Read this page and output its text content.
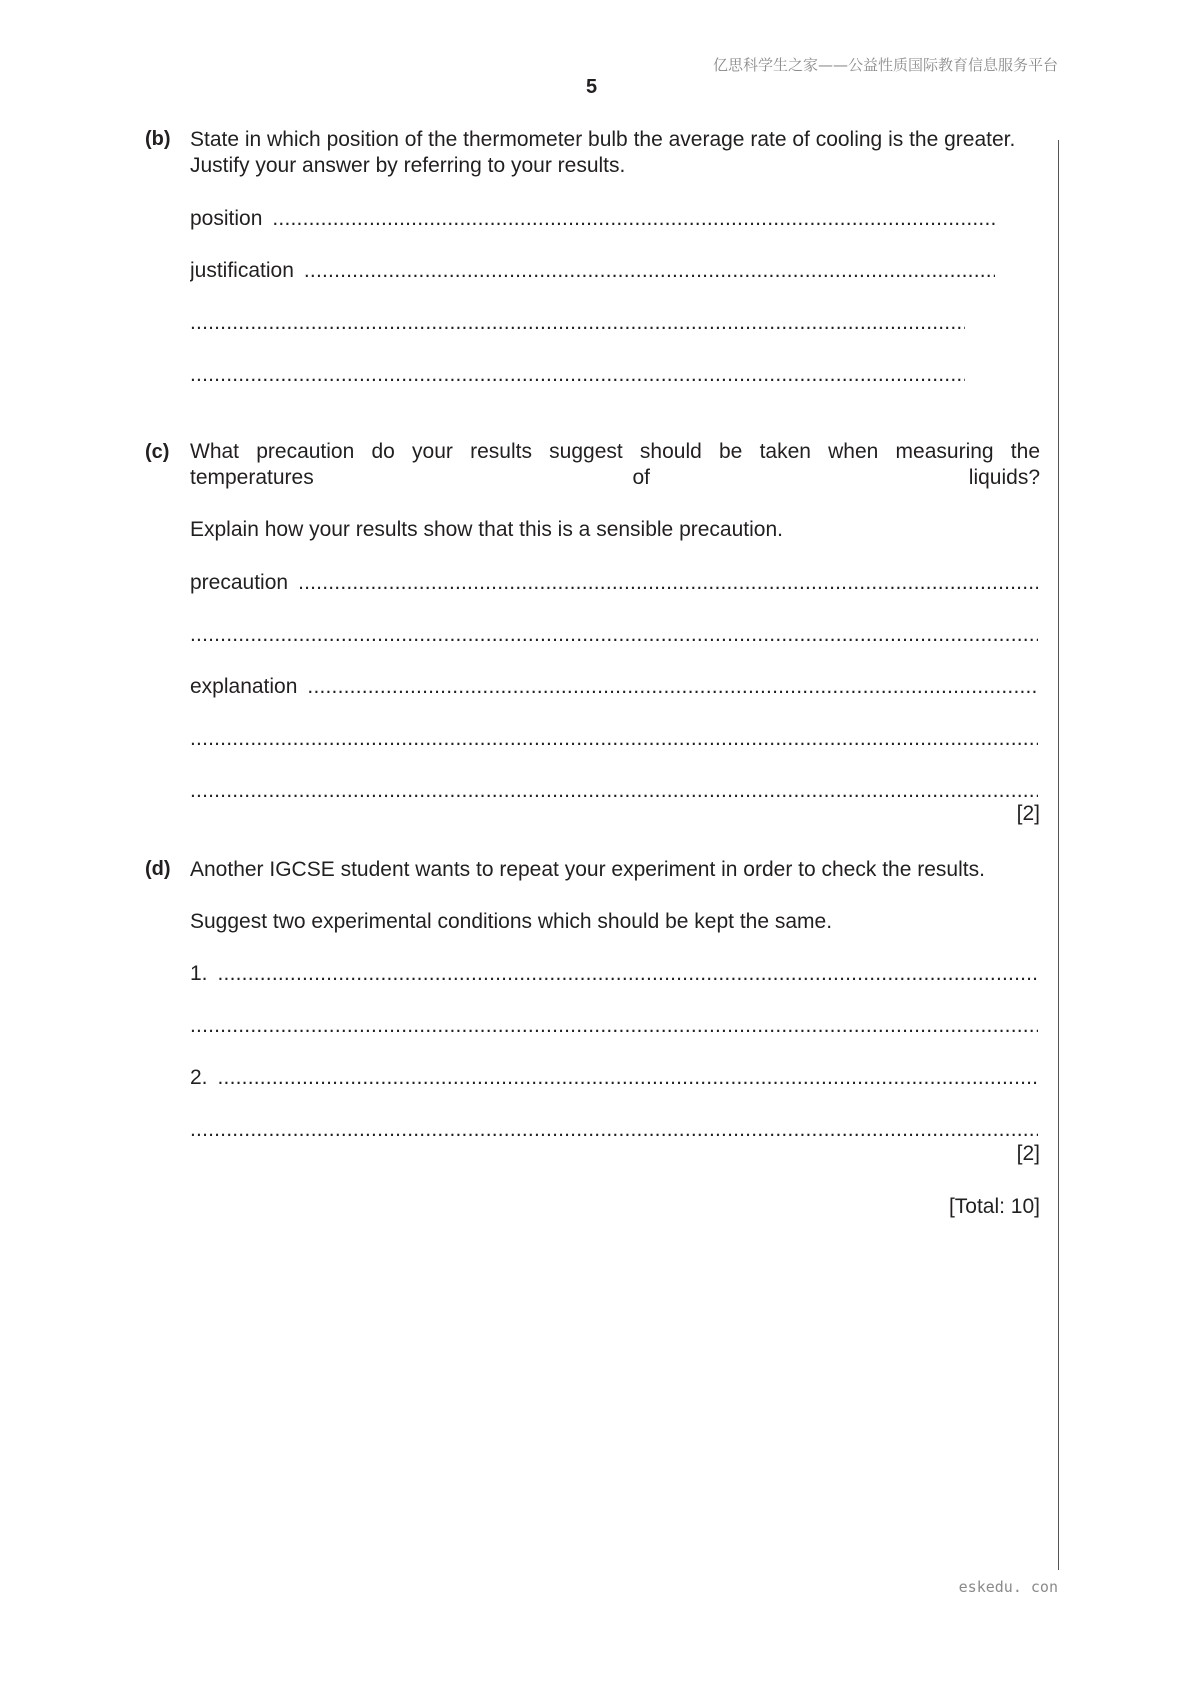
亿思科学生之家——公益性质国际教育信息服务平台
5
(b) State in which position of the thermometer bulb the average rate of cooling is the greater.
Justify your answer by referring to your results.
position
.....
justification
.....
.....
.....
(c) What precaution do your results suggest should be taken when measuring the temperatures of liquids?
Explain how your results show that this is a sensible precaution.
precaution
.....
.....
explanation
.....
.....
.....
[2]
(d) Another IGCSE student wants to repeat your experiment in order to check the results.
Suggest two experimental conditions which should be kept the same.
1.
.....
.....
2.
.....
.....
[2]
[Total: 10]
eskedu. con
